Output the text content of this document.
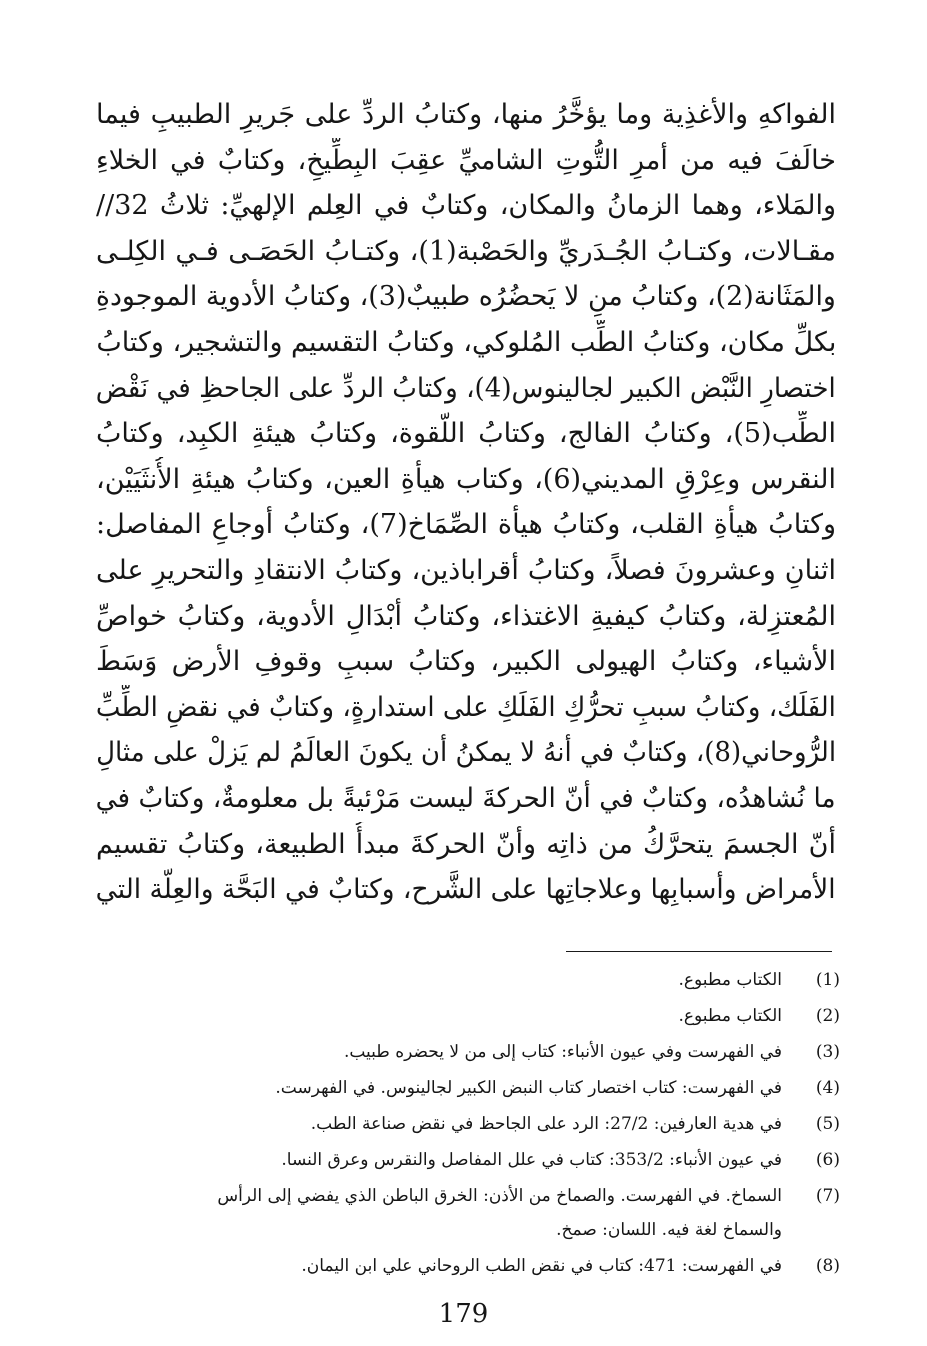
الفواكهِ والأغذِية وما يؤخَّرُ منها، وكتابُ الردِّ على جَريرِ الطبيبِ فيما
خالَفَ فيه من أمرِ التُّوتِ الشاميِّ عقِبَ البِطِّيخِ، وكتابٌ في الخلاءِ
والمَلاء، وهما الزمانُ والمكان، وكتابٌ في العِلم الإلهيِّ: ثلاثُ 32//
مقـالات، وكتـابُ الجُـدَريِّ والحَصْبة(1)، وكتـابُ الحَصَـى فـي الكِلـى
والمَثَانة(2)، وكتابُ منِ لا يَحضُرُه طبيبٌ(3)، وكتابُ الأدوية الموجودةِ
بكلِّ مكان، وكتابُ الطِّب المُلوكي، وكتابُ التقسيم والتشجير، وكتابُ
اختصارِ النَّبْض الكبير لجالينوس(4)، وكتابُ الردِّ على الجاحظِ في نَقْض
الطِّب(5)، وكتابُ الفالج، وكتابُ اللّقوة، وكتابُ هيئةِ الكبِد، وكتابُ
النقرس وعِرْقِ المديني(6)، وكتاب هيأةِ العين، وكتابُ هيئةِ الأُنثَيَيْن،
وكتابُ هيأةِ القلب، وكتابُ هيأة الصِّمَاخ(7)، وكتابُ أوجاعِ المفاصل:
اثنانِ وعشرونَ فصلاً، وكتابُ أقراباذين، وكتابُ الانتقادِ والتحريرِ على
المُعتزِلة، وكتابُ كيفيةِ الاغتذاء، وكتابُ أبْدَالِ الأدوية، وكتابُ خواصِّ
الأشياء، وكتابُ الهيولى الكبير، وكتابُ سببِ وقوفِ الأرض وَسَطَ
الفَلَك، وكتابُ سببِ تحرُّكِ الفَلَكِ على استدارةٍ، وكتابٌ في نقضِ الطِّبِّ
الرُّوحاني(8)، وكتابٌ في أنهُ لا يمكنُ أن يكونَ العالَمُ لم يَزلْ على مثالِ
ما نُشاهدُه، وكتابٌ في أنّ الحركةَ ليست مَرْئيةً بل معلومةٌ، وكتابٌ في
أنّ الجسمَ يتحرَّكُ من ذاتِه وأنّ الحركةَ مبدأُ الطبيعة، وكتابُ تقسيم
الأمراض وأسبابِها وعلاجاتِها على الشَّرح، وكتابٌ في البَحَّة والعِلّة التي
(1)
الكتاب مطبوع.
(2)
الكتاب مطبوع.
(3)
في الفهرست وفي عيون الأنباء: كتاب إلى من لا يحضره طبيب.
(4)
في الفهرست: كتاب اختصار كتاب النبض الكبير لجالينوس. في الفهرست.
(5)
في هدية العارفين: 27/2: الرد على الجاحظ في نقض صناعة الطب.
(6)
في عيون الأنباء: 353/2: كتاب في علل المفاصل والنقرس وعرق النسا.
(7)
السماخ. في الفهرست. والصماخ من الأذن: الخرق الباطن الذي يفضي إلى الرأس
والسماخ لغة فيه. اللسان: صمخ.
(8)
في الفهرست: 471: كتاب في نقض الطب الروحاني علي ابن اليمان.
179
